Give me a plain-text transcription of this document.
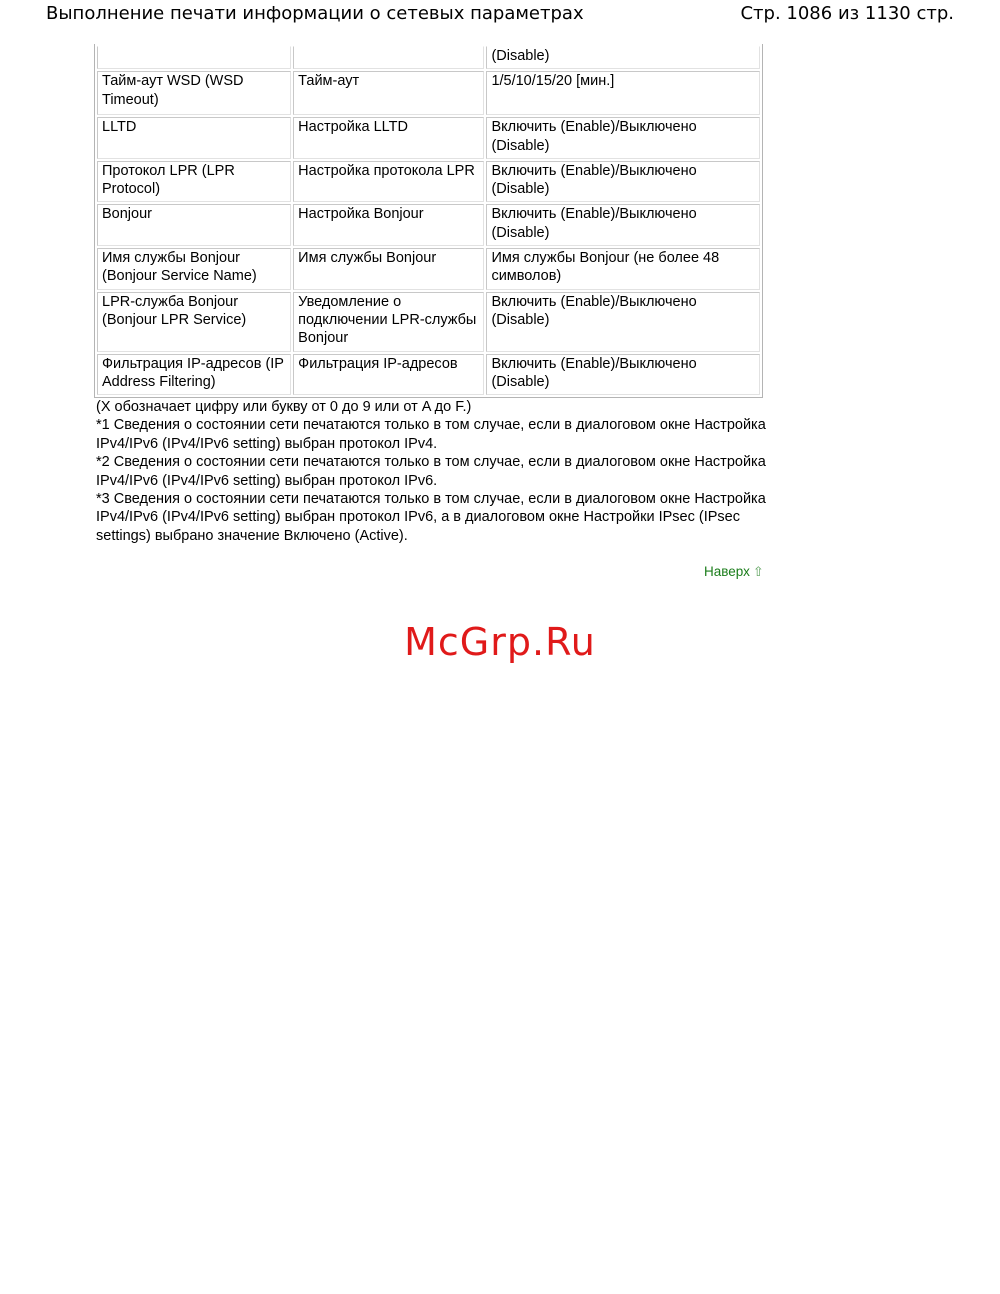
Выполнение печати информации о сетевых параметрах	Стр. 1086 из 1130 стр.
		(Disable)
Тайм-аут WSD (WSD Timeout)	Тайм-аут	1/5/10/15/20 [мин.]
LLTD	Настройка LLTD	Включить (Enable)/Выключено (Disable)
Протокол LPR (LPR Protocol)	Настройка протокола LPR	Включить (Enable)/Выключено (Disable)
Bonjour	Настройка Bonjour	Включить (Enable)/Выключено (Disable)
Имя службы Bonjour (Bonjour Service Name)	Имя службы Bonjour	Имя службы Bonjour (не более 48 символов)
LPR-служба Bonjour (Bonjour LPR Service)	Уведомление о подключении LPR-службы Bonjour	Включить (Enable)/Выключено (Disable)
Фильтрация IP-адресов (IP Address Filtering)	Фильтрация IP-адресов	Включить (Enable)/Выключено (Disable)

(X обозначает цифру или букву от 0 до 9 или от A до F.)

*1 Сведения о состоянии сети печатаются только в том случае, если в диалоговом окне Настройка IPv4/IPv6 (IPv4/IPv6 setting) выбран протокол IPv4.

*2 Сведения о состоянии сети печатаются только в том случае, если в диалоговом окне Настройка IPv4/IPv6 (IPv4/IPv6 setting) выбран протокол IPv6.

*3 Сведения о состоянии сети печатаются только в том случае, если в диалоговом окне Настройка IPv4/IPv6 (IPv4/IPv6 setting) выбран протокол IPv6, а в диалоговом окне Настройки IPsec (IPsec settings) выбрано значение Включено (Active).

Наверх ⇧
McGrp.Ru
